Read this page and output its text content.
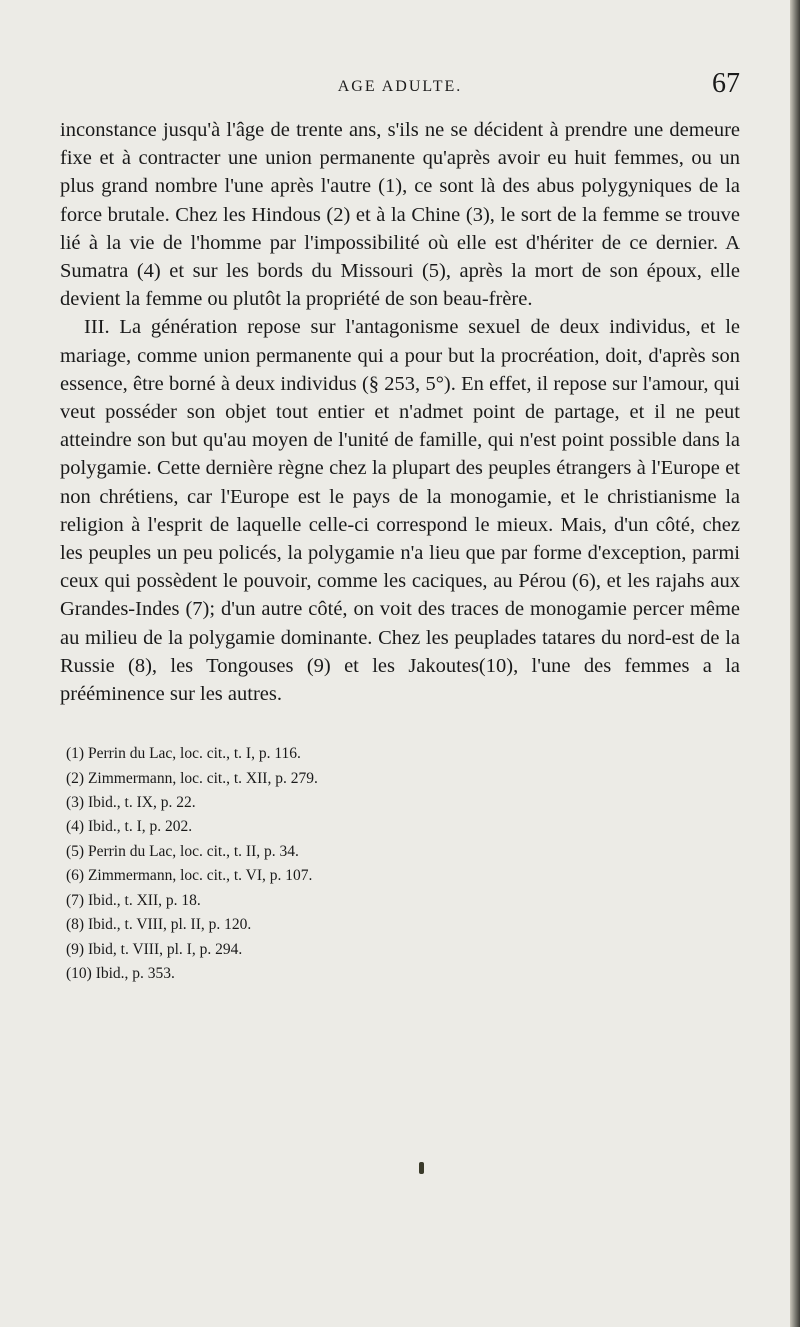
AGE ADULTE.	67

inconstance jusqu'à l'âge de trente ans, s'ils ne se décident à prendre une demeure fixe et à contracter une union permanente qu'après avoir eu huit femmes, ou un plus grand nombre l'une après l'autre (1), ce sont là des abus polygyniques de la force brutale. Chez les Hindous (2) et à la Chine (3), le sort de la femme se trouve lié à la vie de l'homme par l'impossibilité où elle est d'hériter de ce dernier. A Sumatra (4) et sur les bords du Missouri (5), après la mort de son époux, elle devient la femme ou plutôt la propriété de son beau-frère.

III. La génération repose sur l'antagonisme sexuel de deux individus, et le mariage, comme union permanente qui a pour but la procréation, doit, d'après son essence, être borné à deux individus (§ 253, 5°). En effet, il repose sur l'amour, qui veut posséder son objet tout entier et n'admet point de partage, et il ne peut atteindre son but qu'au moyen de l'unité de famille, qui n'est point possible dans la polygamie. Cette dernière règne chez la plupart des peuples étrangers à l'Europe et non chrétiens, car l'Europe est le pays de la monogamie, et le christianisme la religion à l'esprit de laquelle celle-ci correspond le mieux. Mais, d'un côté, chez les peuples un peu policés, la polygamie n'a lieu que par forme d'exception, parmi ceux qui possèdent le pouvoir, comme les caciques, au Pérou (6), et les rajahs aux Grandes-Indes (7); d'un autre côté, on voit des traces de monogamie percer même au milieu de la polygamie dominante. Chez les peuplades tatares du nord-est de la Russie (8), les Tongouses (9) et les Jakoutes(10), l'une des femmes a la prééminence sur les autres.

(1) Perrin du Lac, loc. cit., t. I, p. 116.
(2) Zimmermann, loc. cit., t. XII, p. 279.
(3) Ibid., t. IX, p. 22.
(4) Ibid., t. I, p. 202.
(5) Perrin du Lac, loc. cit., t. II, p. 34.
(6) Zimmermann, loc. cit., t. VI, p. 107.
(7) Ibid., t. XII, p. 18.
(8) Ibid., t. VIII, pl. II, p. 120.
(9) Ibid, t. VIII, pl. I, p. 294.
(10) Ibid., p. 353.
